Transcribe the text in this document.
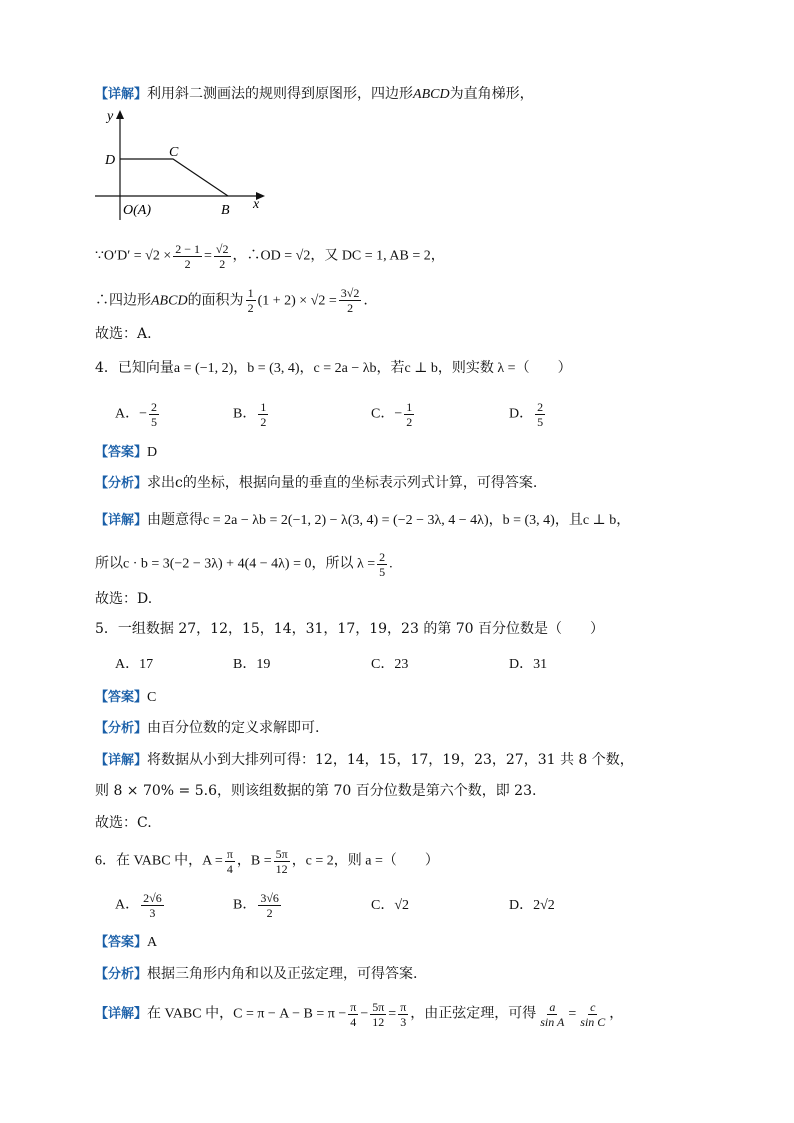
【详解】利用斜二测画法的规则得到原图形，四边形ABCD为直角梯形，
y
x
D
C
O(A)	B
∵O′D′ = $√2 \times \frac{2 - 1}{2} = \frac{√2}{2}$ ，∴OD = √2，又 DC = 1, AB = 2，
∴四边形ABCD的面积为 $\frac{1}{2} (1 + 2) \times √2 = \frac{3√2}{2}$ .
故选：A.
4．已知向量a = (−1, 2)，b = (3, 4)，c = 2a − λb，若c ⊥ b，则实数 λ =（　　）
A．− $\frac{2}{5}$	B． $\frac{1}{2}$	C．− $\frac{1}{2}$	D． $\frac{2}{5}$
【答案】D
【分析】求出c的坐标，根据向量的垂直的坐标表示列式计算，可得答案.
【详解】由题意得c = 2a − λb = 2(−1, 2) − λ(3, 4) = (−2 − 3λ, 4 − 4λ)，b = (3, 4)，且c ⊥ b，
所以c · b = 3(−2 − 3λ) + 4(4 − 4λ) = 0，所以 $\lambda = \frac{2}{5}$ .
故选：D.
5．一组数据 27，12，15，14，31，17，19，23 的第 70 百分位数是（　　）
A．17	B．19	C．23	D．31
【答案】C
【分析】由百分位数的定义求解即可.
【详解】将数据从小到大排列可得：12，14，15，17，19，23，27，31 共 8 个数，
则 8 × 70% = 5.6，则该组数据的第 70 百分位数是第六个数，即 23.
故选：C.
6．在 VABC 中，$A = \frac{\pi}{4}$ ，$B = \frac{5\pi}{12}$ ，c = 2，则 a =（　　）
A． $\frac{2√6}{3}$	B． $\frac{3√6}{2}$	C．√2	D．2√2
【答案】A
【分析】根据三角形内角和以及正弦定理，可得答案.
【详解】在 VABC 中，$C = \pi - A - B = \pi - \frac{\pi}{4} - \frac{5\pi}{12} = \frac{\pi}{3}$ ，由正弦定理，可得 $\frac{a}{\text{sin A}} = \frac{c}{\text{sin C}}$ ，
